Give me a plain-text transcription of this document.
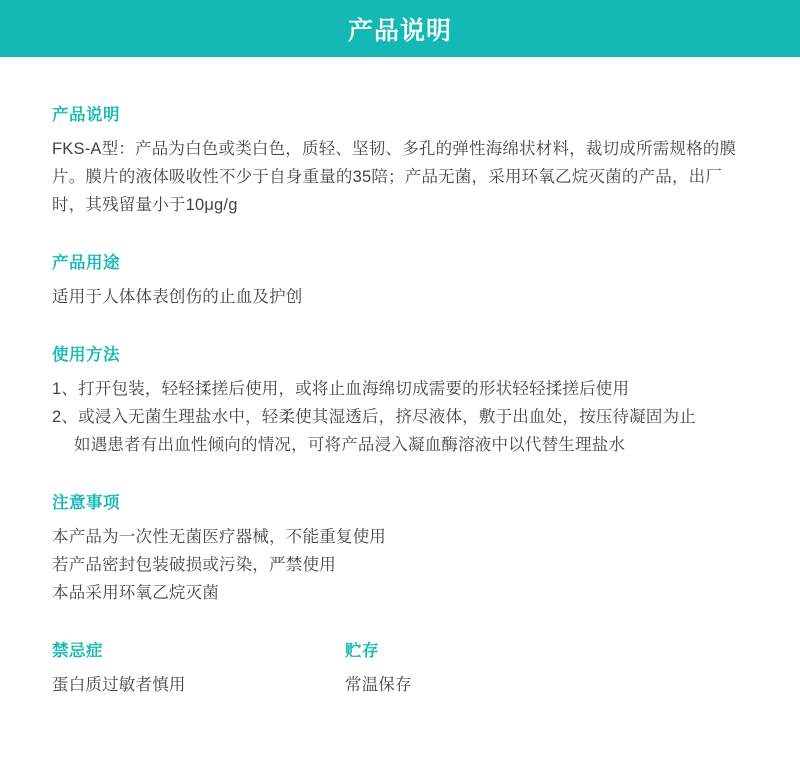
产品说明
产品说明
FKS-A型：产品为白色或类白色，质轻、坚韧、多孔的弹性海绵状材料，裁切成所需规格的膜片。膜片的液体吸收性不少于自身重量的35陪；产品无菌，采用环氧乙烷灭菌的产品，出厂时，其残留量小于10μg/g
产品用途
适用于人体体表创伤的止血及护创
使用方法
1、打开包装，轻轻揉搓后使用，或将止血海绵切成需要的形状轻轻揉搓后使用
2、或浸入无菌生理盐水中，轻柔使其湿透后，挤尽液体，敷于出血处，按压待凝固为止
如遇患者有出血性倾向的情况，可将产品浸入凝血酶溶液中以代替生理盐水
注意事项
本产品为一次性无菌医疗器械，不能重复使用
若产品密封包装破损或污染，严禁使用
本品采用环氧乙烷灭菌
禁忌症
蛋白质过敏者慎用
贮存
常温保存
